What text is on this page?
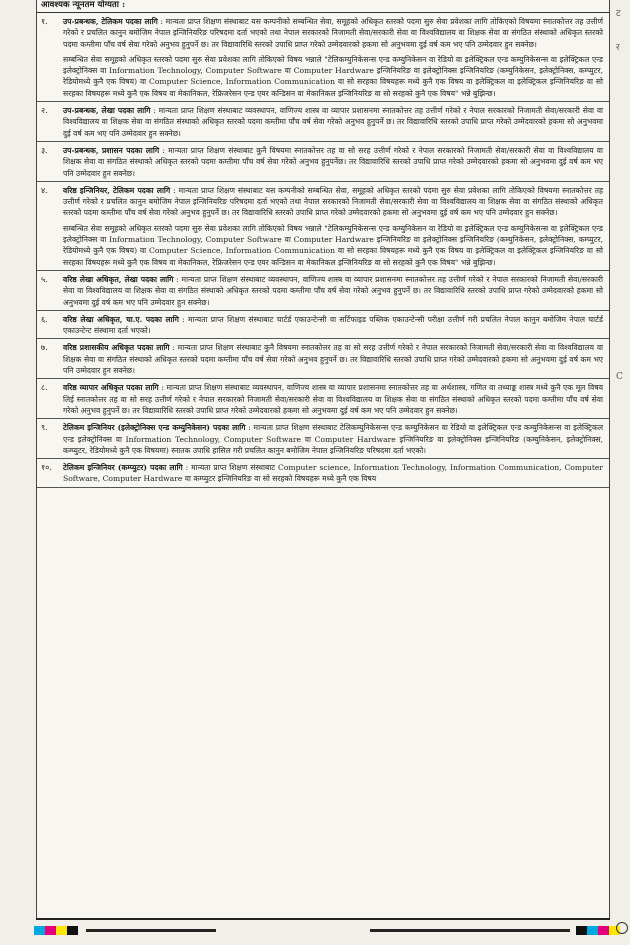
आवश्यक न्यूनतम योग्यता :
१.	उप-प्रबन्धक, टेलिकम पदका लागि : मान्यता प्राप्त शिक्षण संस्थाबाट यस कम्पनीको सम्बन्धित सेवा, समूहको अधिकृत स्तरको पदमा सुरु सेवा प्रवेशका लागि तोकिएको विषयमा स्नातकोत्तर तह उत्तीर्ण गरेको र प्रचलित कानुन बमोजिम नेपाल इन्जिनियरिङ परिषदमा दर्ता भएको तथा नेपाल सरकारको निजामती सेवा/सरकारी सेवा वा विश्वविद्यालय वा शिक्षक सेवा वा संगठित संस्थाको अधिकृत स्तरको पदमा कम्तीमा पाँच वर्ष सेवा गरेको अनुभव हुनुपर्ने छ। तर विद्यावारिधि स्तरको उपाधि प्राप्त गरेको उम्मेदवारको हकमा सो अनुभवमा दुई वर्ष कम भए पनि उम्मेदवार हुन सक्नेछ।

सम्बन्धित सेवा समूहको अधिकृत स्तरको पदमा सुरु सेवा प्रवेशका लागि तोकिएको विषय भन्नाले "टेलिकम्युनिकेसन्स एन्ड कम्युनिकेसन वा रेडियो वा इलेक्ट्रिकल एन्ड कम्युनिकेसन्स वा इलेक्ट्रिकल एन्ड इलेक्ट्रोनिक्स वा Information Technology, Computer Software वा Computer Hardware इन्जिनियरिङ वा इलेक्ट्रोनिक्स इन्जिनियरिङ (कम्युनिकेसन, इलेक्ट्रोनिक्स, कम्प्युटर, रेडियोमध्ये कुनै एक विषय) वा Computer Science, Information Communication वा सो सरहका विषयहरू मध्ये कुनै एक विषय वा इलेक्ट्रिकल वा इलेक्ट्रिकल इन्जिनियरिङ वा सो सरहका विषयहरू मध्ये कुनै एक विषय वा मेकानिकल, रेफ्रिजरेसन एन्ड एयर कन्डिसन वा मेकानिकल इन्जिनियरिङ वा सो सरहको कुनै एक विषय" भन्ने बुझिन्छ।

२.	उप-प्रबन्धक, लेखा पदका लागि : मान्यता प्राप्त शिक्षण संस्थाबाट व्यवस्थापन, वाणिज्य शास्त्र वा व्यापार प्रशासनमा स्नातकोत्तर तह उत्तीर्ण गरेको र नेपाल सरकारको निजामती सेवा/सरकारी सेवा वा विश्वविद्यालय वा शिक्षक सेवा वा संगठित संस्थाको अधिकृत स्तरको पदमा कम्तीमा पाँच वर्ष सेवा गरेको अनुभव हुनुपर्ने छ। तर विद्यावारिधि स्तरको उपाधि प्राप्त गरेको उम्मेदवारको हकमा सो अनुभवमा दुई वर्ष कम भए पनि उम्मेदवार हुन सक्नेछ।

३.	उप-प्रबन्धक, प्रशासन पदका लागि : मान्यता प्राप्त शिक्षण संस्थाबाट कुनै विषयमा स्नातकोत्तर तह वा सो सरह उत्तीर्ण गरेको र नेपाल सरकारको निजामती सेवा/सरकारी सेवा वा विश्वविद्यालय वा शिक्षक सेवा वा संगठित संस्थाको अधिकृत स्तरको पदमा कम्तीमा पाँच वर्ष सेवा गरेको अनुभव हुनुपर्नेछ। तर विद्यावारिधि स्तरको उपाधि प्राप्त गरेको उम्मेदवारको हकमा सो अनुभवमा दुई वर्ष कम भए पनि उम्मेदवार हुन सक्नेछ।

४.	वरिष्ठ इन्जिनियर, टेलिकम पदका लागि : मान्यता प्राप्त शिक्षण संस्थाबाट यस कम्पनीको सम्बन्धित सेवा, समूहको अधिकृत स्तरको पदमा सुरु सेवा प्रवेशका लागि तोकिएको विषयमा स्नातकोत्तर तह उत्तीर्ण गरेको र प्रचलित कानुन बमोजिम नेपाल इन्जिनियरिङ परिषदमा दर्ता भएको तथा नेपाल सरकारको निजामती सेवा/सरकारी सेवा वा विश्वविद्यालय वा शिक्षक सेवा वा संगठित संस्थाको अधिकृत स्तरको पदमा कम्तीमा पाँच वर्ष सेवा गरेको अनुभव हुनुपर्ने छ। तर विद्यावारिधि स्तरको उपाधि प्राप्त गरेको उम्मेदवारको हकमा सो अनुभवमा दुई वर्ष कम भए पनि उम्मेदवार हुन सक्नेछ।

सम्बन्धित सेवा समूहको अधिकृत स्तरको पदमा सुरु सेवा प्रवेशका लागि तोकिएको विषय भन्नाले "टेलिकम्युनिकेसन्स एन्ड कम्युनिकेसन वा रेडियो वा इलेक्ट्रिकल एन्ड कम्युनिकेसन्स वा इलेक्ट्रिकल एन्ड इलेक्ट्रोनिक्स वा Information Technology, Computer Software वा Computer Hardware इन्जिनियरिङ वा इलेक्ट्रोनिक्स इन्जिनियरिङ (कम्युनिकेसन, इलेक्ट्रोनिक्स, कम्प्युटर, रेडियोमध्ये कुनै एक विषय) वा Computer Science, Information Communication वा सो सरहका विषयहरू मध्ये कुनै एक विषय वा इलेक्ट्रिकल वा इलेक्ट्रिकल इन्जिनियरिङ वा सो सरहका विषयहरू मध्ये कुनै एक विषय वा मेकानिकल, रेफ्रिजरेसन एन्ड एयर कन्डिसन वा मेकानिकल इन्जिनियरिङ वा सो सरहको कुनै एक विषय" भन्ने बुझिन्छ।

५.	वरिष्ठ लेखा अधिकृत, लेखा पदका लागि : मान्यता प्राप्त शिक्षण संस्थाबाट व्यवस्थापन, वाणिज्य शास्त्र वा व्यापार प्रशासनमा स्नातकोत्तर तह उत्तीर्ण गरेको र नेपाल सरकारको निजामती सेवा/सरकारी सेवा वा विश्वविद्यालय वा शिक्षक सेवा वा संगठित संस्थाको अधिकृत स्तरको पदमा कम्तीमा पाँच वर्ष सेवा गरेको अनुभव हुनुपर्ने छ। तर विद्यावारिधि स्तरको उपाधि प्राप्त गरेको उम्मेदवारको हकमा सो अनुभवमा दुई वर्ष कम भए पनि उम्मेदवार हुन सक्नेछ।

६.	वरिष्ठ लेखा अधिकृत, चा.ए. पदका लागि : मान्यता प्राप्त शिक्षण संस्थाबाट चार्टर्ड एकाउन्टेन्सी वा सर्टिफाइड पब्लिक एकाउन्टेन्सी परीक्षा उत्तीर्ण गरी प्रचलित नेपाल कानुन बमोजिम नेपाल चार्टर्ड एकाउन्टेन्ट संस्थामा दर्ता भएको।

७.	वरिष्ठ प्रशासकीय अधिकृत पदका लागि : मान्यता प्राप्त शिक्षण संस्थाबाट कुनै विषयमा स्नातकोत्तर तह वा सो सरह उत्तीर्ण गरेको र नेपाल सरकारको निजामती सेवा/सरकारी सेवा वा विश्वविद्यालय वा शिक्षक सेवा वा संगठित संस्थाको अधिकृत स्तरको पदमा कम्तीमा पाँच वर्ष सेवा गरेको अनुभव हुनुपर्ने छ। तर विद्यावारिधि स्तरको उपाधि प्राप्त गरेको उम्मेदवारको हकमा सो अनुभवमा दुई वर्ष कम भए पनि उम्मेदवार हुन सक्नेछ।

८.	वरिष्ठ व्यापार अधिकृत पदका लागि : मान्यता प्राप्त शिक्षण संस्थाबाट व्यवस्थापन, वाणिज्य शास्त्र वा व्यापार प्रशासनमा स्नातकोत्तर तह वा अर्थशास्त्र, गणित वा तथ्याङ्क शास्त्र मध्ये कुनै एक मूल विषय लिई स्नातकोत्तर तह वा सो सरह उत्तीर्ण गरेको र नेपाल सरकारको निजामती सेवा/सरकारी सेवा वा विश्वविद्यालय वा शिक्षक सेवा वा संगठित संस्थाको अधिकृत स्तरको पदमा कम्तीमा पाँच वर्ष सेवा गरेको अनुभव हुनुपर्ने छ। तर विद्यावारिधि स्तरको उपाधि प्राप्त गरेको उम्मेदवारको हकमा सो अनुभवमा दुई वर्ष कम भए पनि उम्मेदवार हुन सक्नेछ।

९.	टेलिकम इन्जिनियर (इलेक्ट्रोनिक्स एन्ड कम्युनिकेसन) पदका लागि : मान्यता प्राप्त शिक्षण संस्थाबाट टेलिकम्युनिकेसन्स एन्ड कम्युनिकेसन वा रेडियो वा इलेक्ट्रिकल एन्ड कम्युनिकेसन्स वा इलेक्ट्रिकल एन्ड इलेक्ट्रोनिक्स वा Information Technology, Computer Software वा Computer Hardware इन्जिनियरिङ वा इलेक्ट्रोनिक्स इन्जिनियरिङ (कम्युनिकेसन, इलेक्ट्रोनिक्स, कम्प्युटर, रेडियोमध्ये कुनै एक विषयमा) स्नातक उपाधि हासिल गरी प्रचलित कानुन बमोजिम नेपाल इन्जिनियरिङ परिषदमा दर्ता भएको।

१०.	टेलिकम इन्जिनियर (कम्प्युटर) पदका लागि : मान्यता प्राप्त शिक्षण संस्थाबाट Computer science, Information Technology, Information Communication, Computer Software, Computer Hardware वा कम्प्युटर इन्जिनियरिङ वा सो सरहको विषयहरू मध्ये कुनै एक विषय

ट
र
C
